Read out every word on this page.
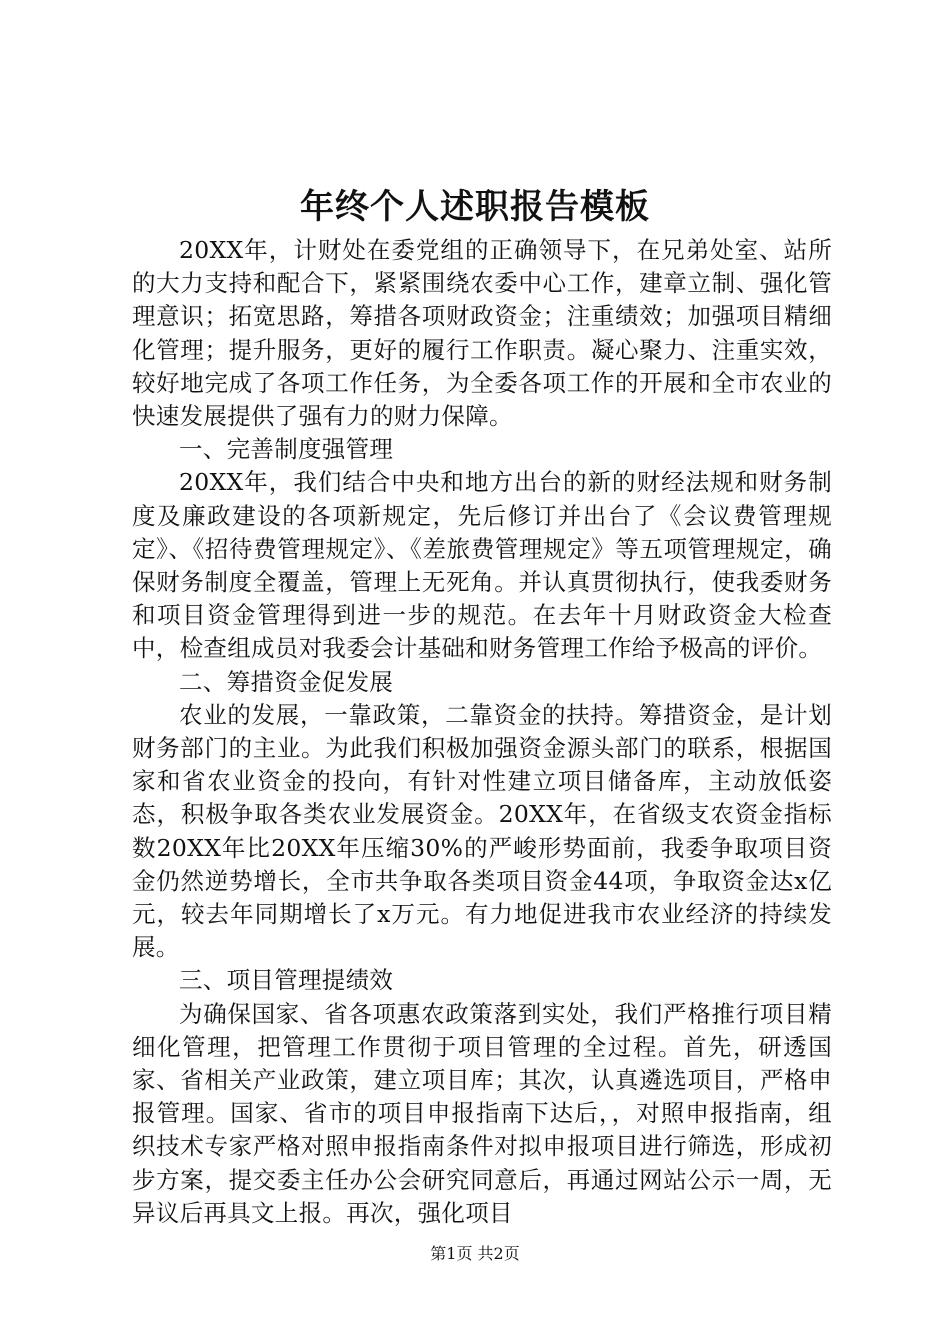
年终个人述职报告模板

20XX年，计财处在委党组的正确领导下，在兄弟处室、站所的大力支持和配合下，紧紧围绕农委中心工作，建章立制、强化管理意识；拓宽思路，筹措各项财政资金；注重绩效；加强项目精细化管理；提升服务，更好的履行工作职责。凝心聚力、注重实效，较好地完成了各项工作任务，为全委各项工作的开展和全市农业的快速发展提供了强有力的财力保障。

一、完善制度强管理

20XX年，我们结合中央和地方出台的新的财经法规和财务制度及廉政建设的各项新规定，先后修订并出台了《会议费管理规定》、《招待费管理规定》、《差旅费管理规定》等五项管理规定，确保财务制度全覆盖，管理上无死角。并认真贯彻执行，使我委财务和项目资金管理得到进一步的规范。在去年十月财政资金大检查中，检查组成员对我委会计基础和财务管理工作给予极高的评价。

二、筹措资金促发展

农业的发展，一靠政策，二靠资金的扶持。筹措资金，是计划财务部门的主业。为此我们积极加强资金源头部门的联系，根据国家和省农业资金的投向，有针对性建立项目储备库，主动放低姿态，积极争取各类农业发展资金。20XX年，在省级支农资金指标数20XX年比20XX年压缩30%的严峻形势面前，我委争取项目资金仍然逆势增长，全市共争取各类项目资金44项，争取资金达x亿元，较去年同期增长了x万元。有力地促进我市农业经济的持续发展。

三、项目管理提绩效

为确保国家、省各项惠农政策落到实处，我们严格推行项目精细化管理，把管理工作贯彻于项目管理的全过程。首先，研透国家、省相关产业政策，建立项目库；其次，认真遴选项目，严格申报管理。国家、省市的项目申报指南下达后，，对照申报指南，组织技术专家严格对照申报指南条件对拟申报项目进行筛选，形成初步方案，提交委主任办公会研究同意后，再通过网站公示一周，无异议后再具文上报。再次，强化项目

第1页 共2页
